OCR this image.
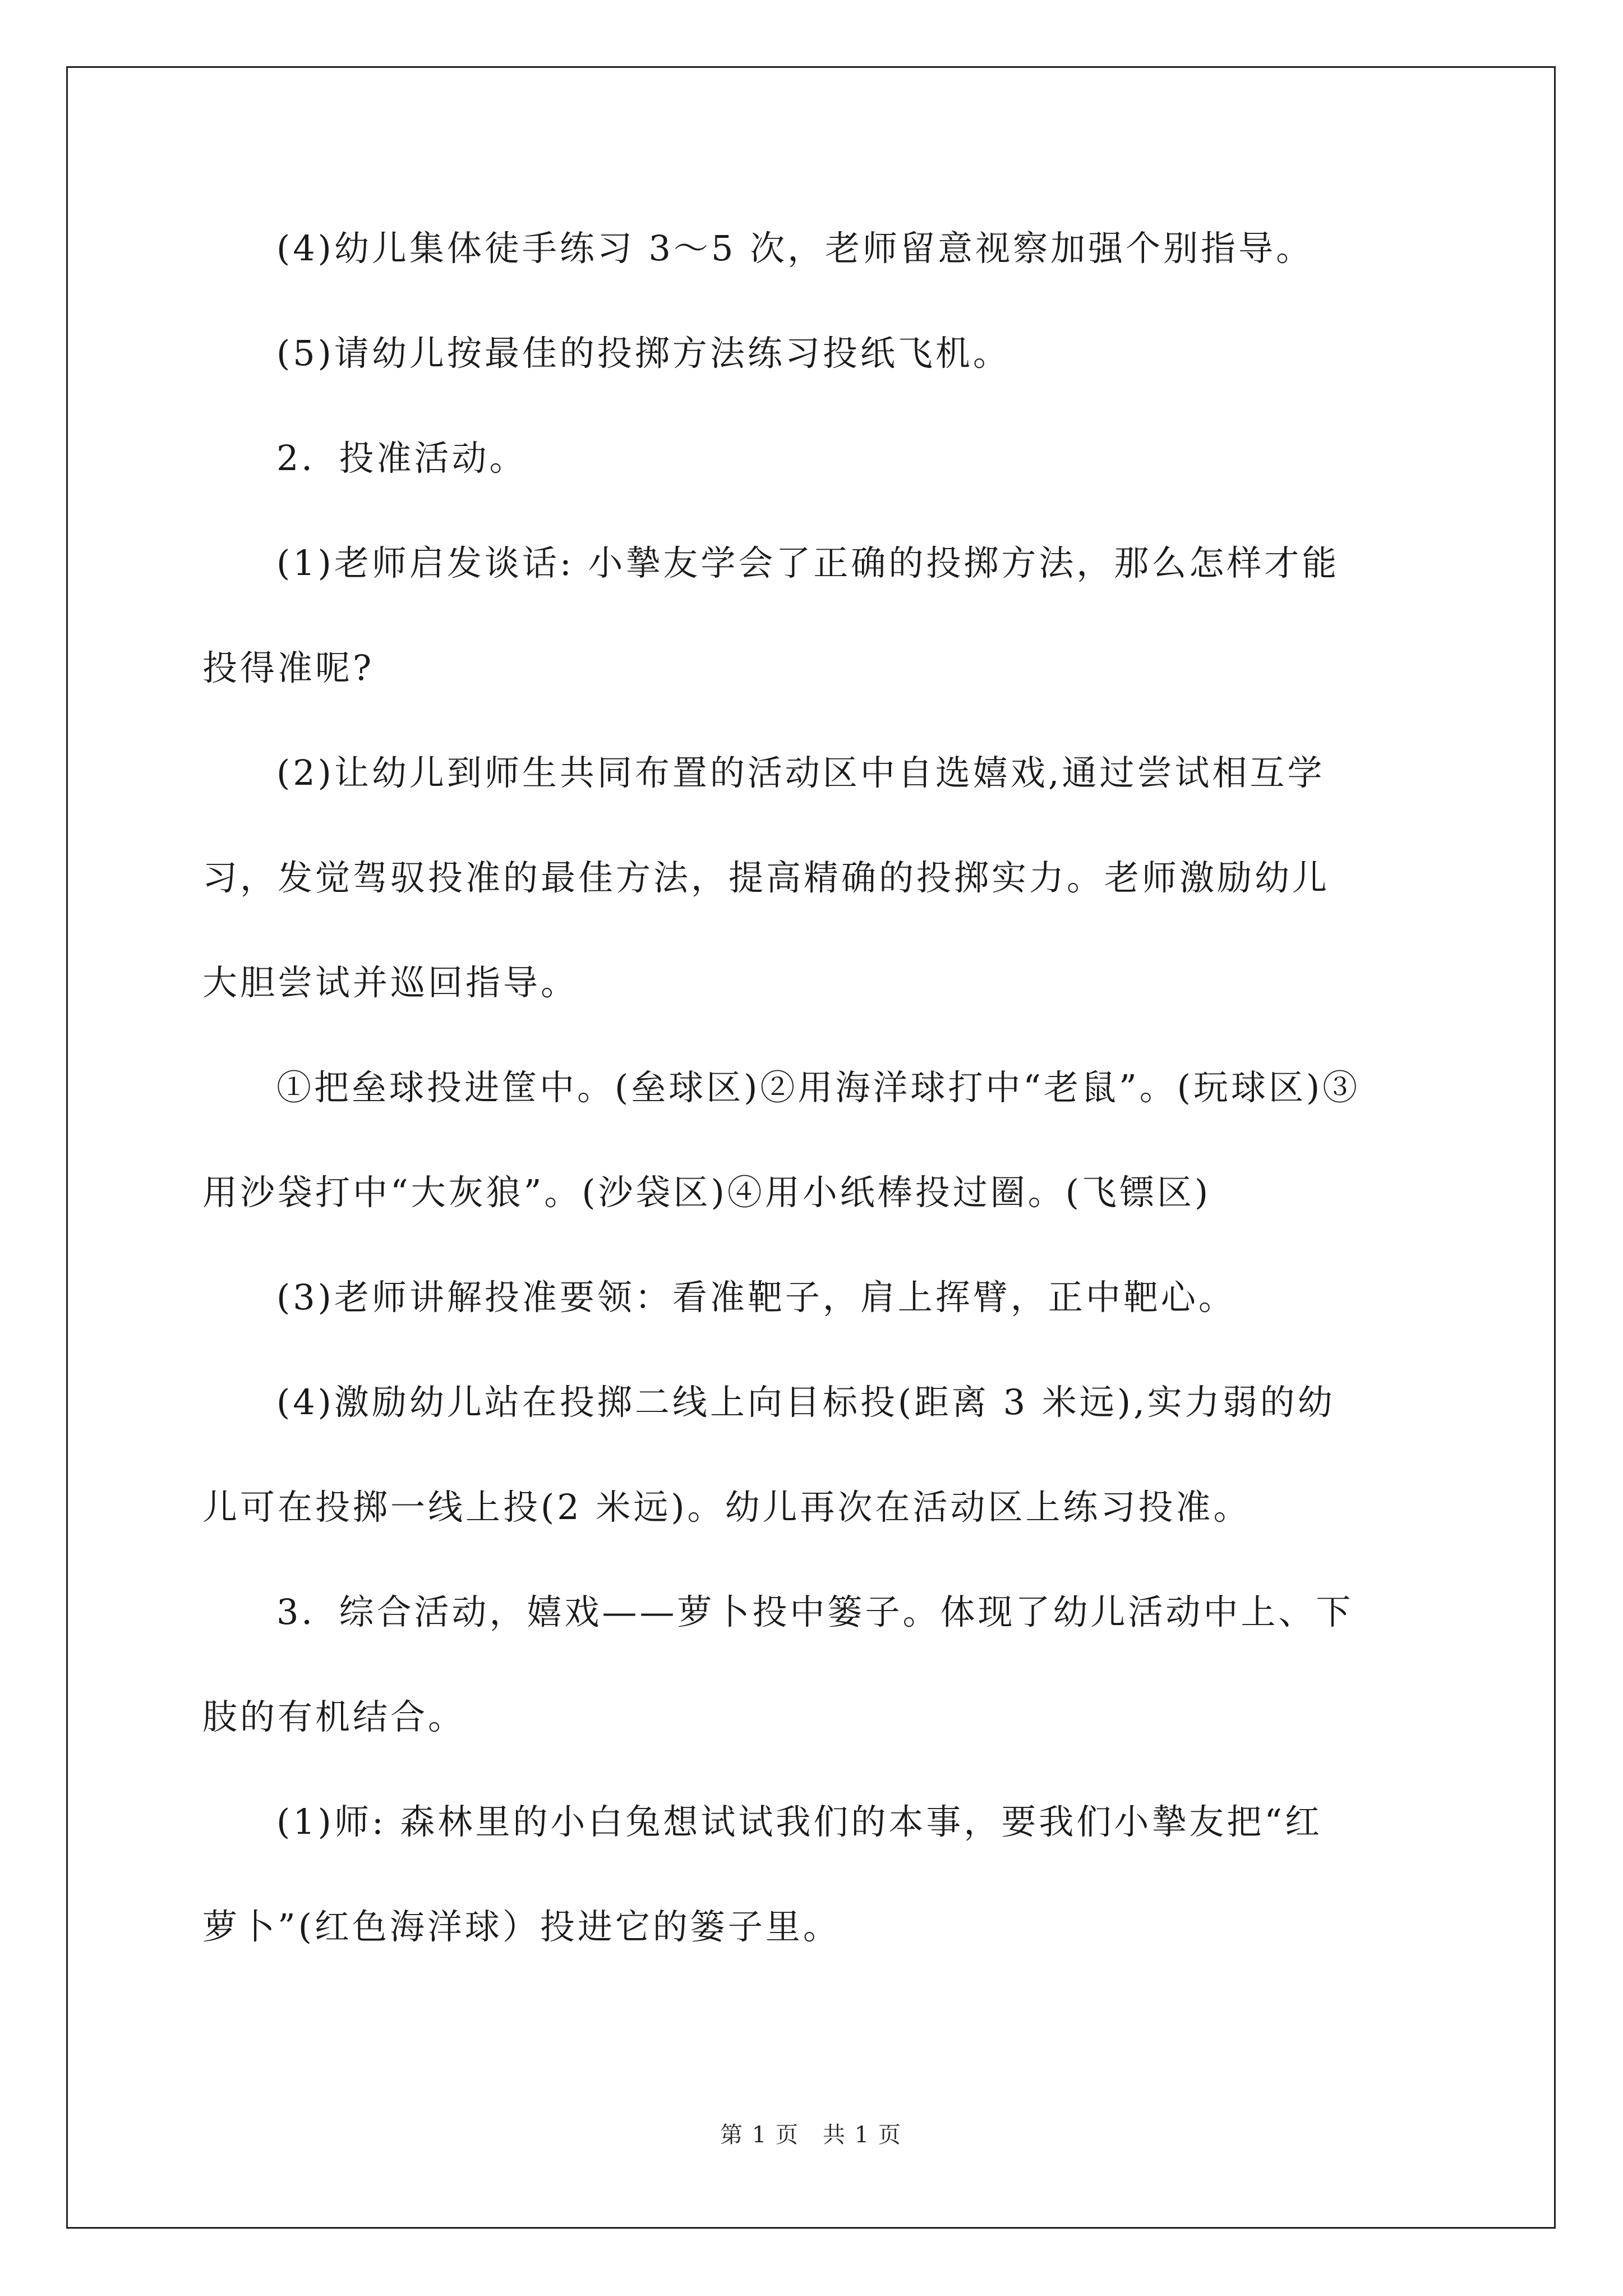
(4)幼儿集体徒手练习 3～5 次，老师留意视察加强个别指导。
(5)请幼儿按最佳的投掷方法练习投纸飞机。
2．投准活动。
(1)老师启发谈话: 小摯友学会了正确的投掷方法，那么怎样才能
投得准呢?
(2)让幼儿到师生共同布置的活动区中自选嬉戏,通过尝试相互学
习，发觉驾驭投准的最佳方法，提高精确的投掷实力。老师激励幼儿
大胆尝试并巡回指导。
①把垒球投进筐中。(垒球区)②用海洋球打中“老鼠”。(玩球区)③
用沙袋打中“大灰狼”。(沙袋区)④用小纸棒投过圈。(飞镖区)
(3)老师讲解投准要领：看准靶子，肩上挥臂，正中靶心。
(4)激励幼儿站在投掷二线上向目标投(距离 3 米远),实力弱的幼
儿可在投掷一线上投(2 米远)。幼儿再次在活动区上练习投准。
3．综合活动，嬉戏——萝卜投中篓子。体现了幼儿活动中上、下
肢的有机结合。
(1)师: 森林里的小白兔想试试我们的本事，要我们小摯友把“红
萝卜”(红色海洋球）投进它的篓子里。
第 1 页　共 1 页
